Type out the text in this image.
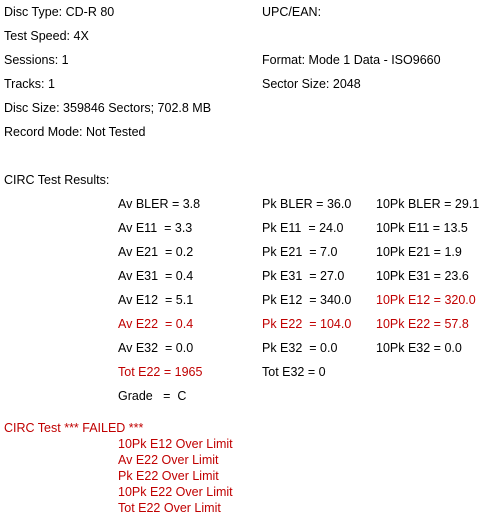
Disc Type: CD-R 80	UPC/EAN:
Test Speed: 4X
Sessions: 1	Format: Mode 1 Data - ISO9660
Tracks: 1	Sector Size: 2048
Disc Size: 359846 Sectors; 702.8 MB
Record Mode: Not Tested
CIRC Test Results:
Av BLER = 3.8	Pk BLER = 36.0 10Pk BLER = 29.1
Av E11  = 3.3	Pk E11  = 24.0	10Pk E11 = 13.5
Av E21  = 0.2	Pk E21  = 7.0	10Pk E21 = 1.9
Av E31  = 0.4	Pk E31  = 27.0	10Pk E31 = 23.6
Av E12  = 5.1	Pk E12  = 340.0 10Pk E12 = 320.0
Av E22  = 0.4	Pk E22  = 104.0 10Pk E22 = 57.8
Av E32  = 0.0	Pk E32  = 0.0	10Pk E32 = 0.0
Tot E22 = 1965	Tot E32 = 0
Grade   =  C
CIRC Test *** FAILED ***
10Pk E12 Over Limit
Av E22 Over Limit
Pk E22 Over Limit
10Pk E22 Over Limit
Tot E22 Over Limit
